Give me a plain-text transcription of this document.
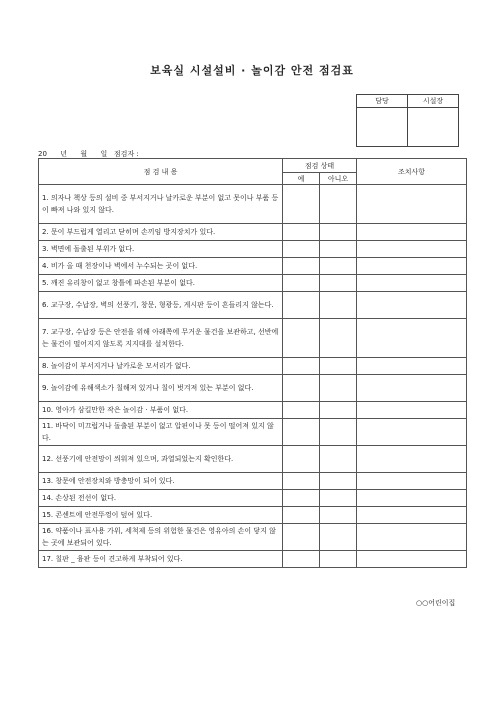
보육실 시설설비 · 놀이감 안전 점검표
담당	시설장

20      년      월      일   점검자 :
점 검 내 용	점검 상태		조치사항
	예	아니오	
1. 의자나 책상 등의 설비 중 부서지거나 날카로운 부분이 없고 못이나 부품 등이 빠져 나와 있지 않다.			
2. 문이 부드럽게 열리고 닫히며 손끼임 방지장치가 있다.			
3. 벽면에 돌출된 부위가 없다.			
4. 비가 올 때 천장이나 벽에서 누수되는 곳이 없다.			
5. 깨진 유리창이 없고 창틀에 파손된 부분이 없다.			
6. 교구장, 수납장, 벽의 선풍기, 창문, 형광등, 게시판 등이 흔들리지 않는다.			
7. 교구장, 수납장 등은 안전을 위해 아래쪽에 무거운 물건을 보관하고, 선반에는 물건이 떨어지지 않도록 지지대를 설치한다.			
8. 놀이감이 부서지거나 날카로운 모서리가 없다.			
9. 놀이감에 유해색소가 칠해져 있거나 칠이 벗겨져 있는 부분이 없다.			
10. 영아가 삼킬만한 작은 놀이감 · 부품이 없다.			
11. 바닥이 미끄럽거나 돌출된 부분이 없고 압핀이나 못 등이 떨어져 있지 않다.			
12. 선풍기에 안전망이 씌워져 있으며, 과열되었는지 확인한다.			
13. 창문에 안전장치와 방충망이 되어 있다.			
14. 손상된 전선이 없다.			
15. 콘센트에 안전뚜껑이 덮여 있다.			
16. 약품이나 표사용 가위, 세척제 등의 위험한 물건은 영유아의 손이 닿지 않는 곳에 보관되어 있다.			
17. 칠판 _ 융판 등이 견고하게 부착되어 있다.			
○○어린이집
